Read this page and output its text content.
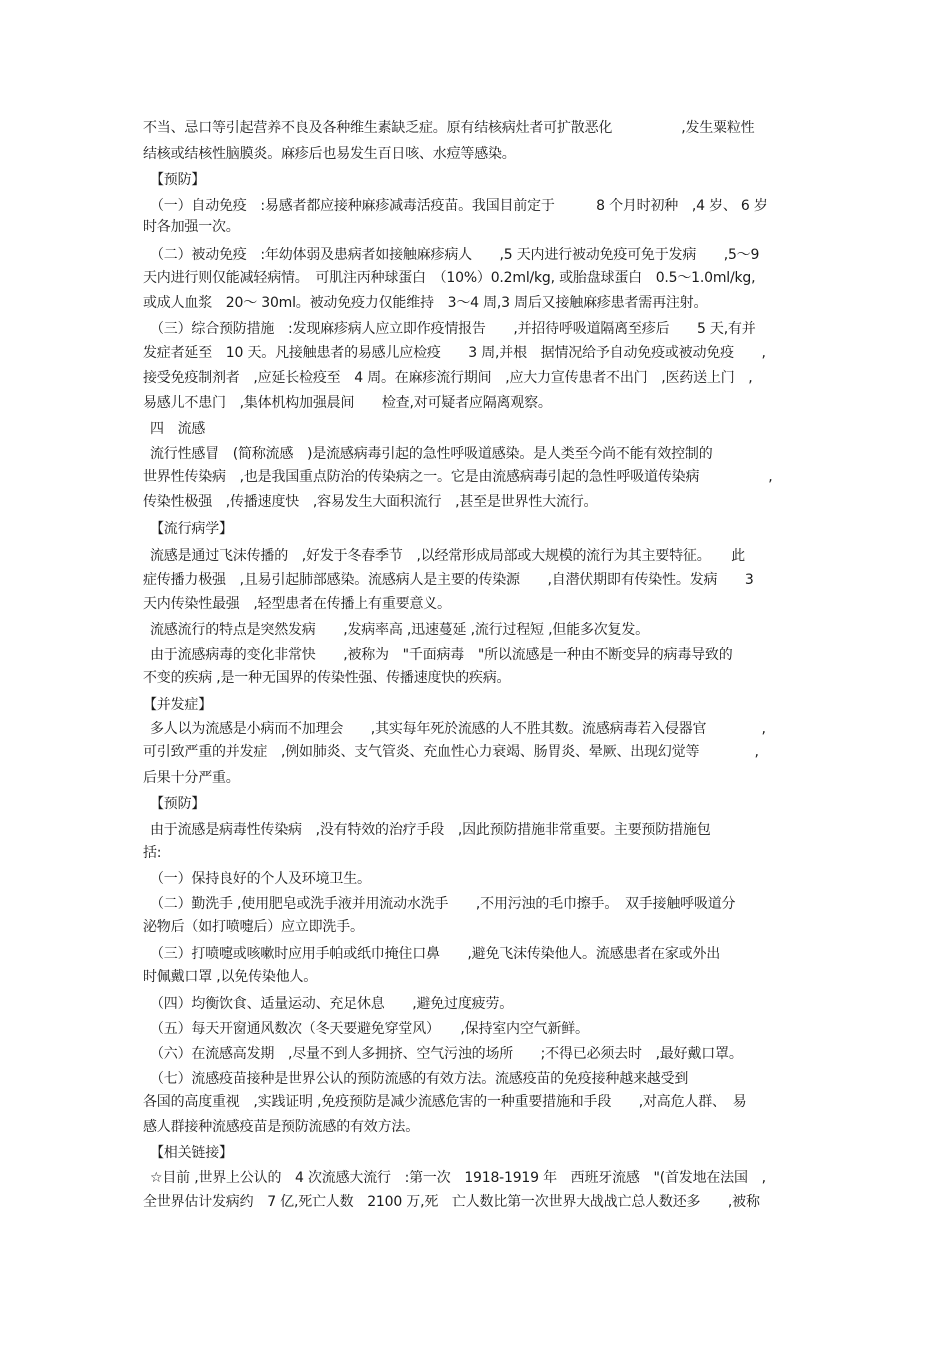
不当、忌口等引起营养不良及各种维生素缺乏症。原有结核病灶者可扩散恶化　　　　　,发生粟粒性
结核或结核性脑膜炎。麻疹后也易发生百日咳、水痘等感染。
【预防】
（一）自动免疫　:易感者都应接种麻疹减毒活疫苗。我国目前定于　　　8 个月时初种　,4 岁、 6 岁
时各加强一次。
（二）被动免疫　:年幼体弱及患病者如接触麻疹病人　　,5 天内进行被动免疫可免于发病　　,5～9
天内进行则仅能减轻病情。　可肌注丙种球蛋白　（10%）0.2ml/kg, 或胎盘球蛋白　0.5～1.0ml/kg,
或成人血浆　20～ 30ml。被动免疫力仅能维持　3～4 周,3 周后又接触麻疹患者需再注射。
（三）综合预防措施　:发现麻疹病人应立即作疫情报告　　,并招待呼吸道隔离至疹后　　5 天,有并
发症者延至　10 天。凡接触患者的易感儿应检疫　　3 周,并根　据情况给予自动免疫或被动免疫　　,
接受免疫制剂者　,应延长检疫至　4 周。在麻疹流行期间　,应大力宣传患者不出门　,医药送上门　,
易感儿不患门　,集体机构加强晨间　　检查,对可疑者应隔离观察。
四　流感
流行性感冒　(简称流感　)是流感病毒引起的急性呼吸道感染。是人类至今尚不能有效控制的
世界性传染病　,也是我国重点防治的传染病之一。它是由流感病毒引起的急性呼吸道传染病　　　　　,
传染性极强　,传播速度快　,容易发生大面积流行　,甚至是世界性大流行。
【流行病学】
流感是通过飞沫传播的　,好发于冬春季节　,以经常形成局部或大规模的流行为其主要特征。　　此
症传播力极强　,且易引起肺部感染。流感病人是主要的传染源　　,自潜伏期即有传染性。发病　　3
天内传染性最强　,轻型患者在传播上有重要意义。
流感流行的特点是突然发病　　,发病率高 ,迅速蔓延 ,流行过程短 ,但能多次复发。
由于流感病毒的变化非常快　　,被称为　"千面病毒　"所以流感是一种由不断变异的病毒导致的
不变的疾病 ,是一种无国界的传染性强、传播速度快的疾病。
【并发症】
多人以为流感是小病而不加理会　　,其实每年死於流感的人不胜其数。流感病毒若入侵器官　　　　,
可引致严重的并发症　,例如肺炎、支气管炎、充血性心力衰竭、肠胃炎、晕厥、出现幻觉等　　　　,
后果十分严重。
【预防】
由于流感是病毒性传染病　,没有特效的治疗手段　,因此预防措施非常重要。主要预防措施包
括:
（一）保持良好的个人及环境卫生。
（二）勤洗手 ,使用肥皂或洗手液并用流动水洗手　　,不用污浊的毛巾擦手。　双手接触呼吸道分
泌物后（如打喷嚏后）应立即洗手。
（三）打喷嚏或咳嗽时应用手帕或纸巾掩住口鼻　　,避免飞沫传染他人。流感患者在家或外出
时佩戴口罩 ,以免传染他人。
（四）均衡饮食、适量运动、充足休息　　,避免过度疲劳。
（五）每天开窗通风数次（冬天要避免穿堂风）　　,保持室内空气新鲜。
（六）在流感高发期　,尽量不到人多拥挤、空气污浊的场所　　;不得已必须去时　,最好戴口罩。
（七）流感疫苗接种是世界公认的预防流感的有效方法。流感疫苗的免疫接种越来越受到
各国的高度重视　,实践证明 ,免疫预防是减少流感危害的一种重要措施和手段　　,对高危人群、　易
感人群接种流感疫苗是预防流感的有效方法。
【相关链接】
☆目前 ,世界上公认的　4 次流感大流行　:第一次　1918-1919 年　西班牙流感　"(首发地在法国　,
全世界估计发病约　7 亿,死亡人数　2100 万,死　亡人数比第一次世界大战战亡总人数还多　　,被称
